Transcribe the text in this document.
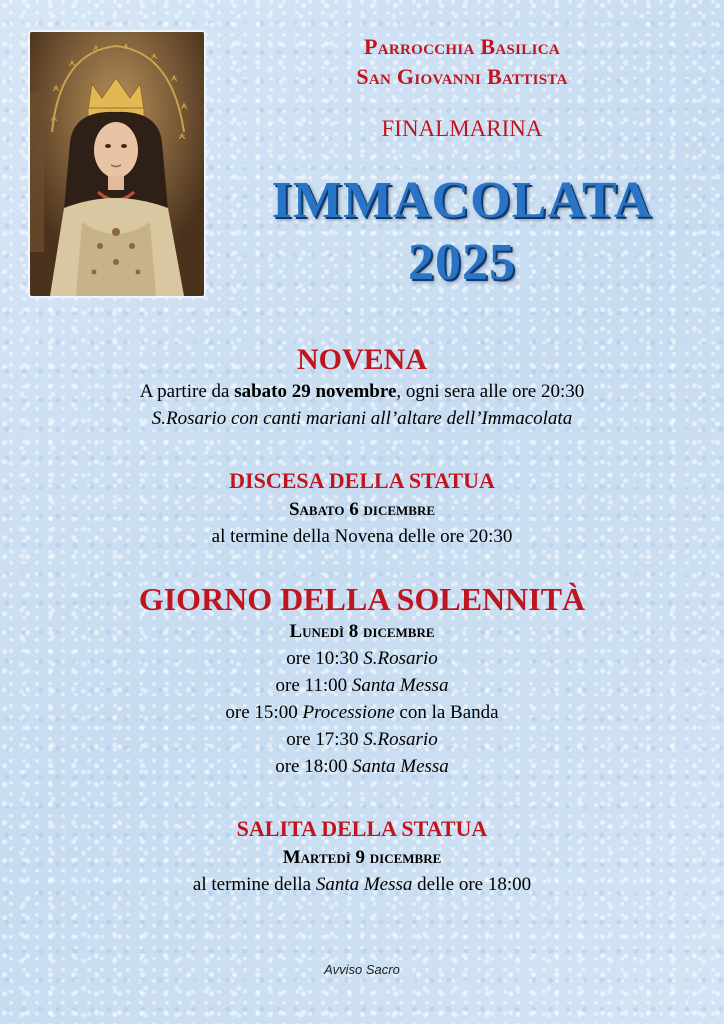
Parrocchia Basilica
San Giovanni Battista
FINALMARINA
IMMACOLATA
2025

NOVENA

A partire da sabato 29 novembre, ogni sera alle ore 20:30

S.Rosario con canti mariani all’altare dell’Immacolata

DISCESA DELLA STATUA

Sabato 6 dicembre

al termine della Novena delle ore 20:30

GIORNO DELLA SOLENNITÀ

Lunedì 8 dicembre

ore 10:30 S.Rosario

ore 11:00 Santa Messa

ore 15:00 Processione con la Banda

ore 17:30 S.Rosario

ore 18:00 Santa Messa

SALITA DELLA STATUA

Martedì 9 dicembre

al termine della Santa Messa delle ore 18:00

Avviso Sacro
